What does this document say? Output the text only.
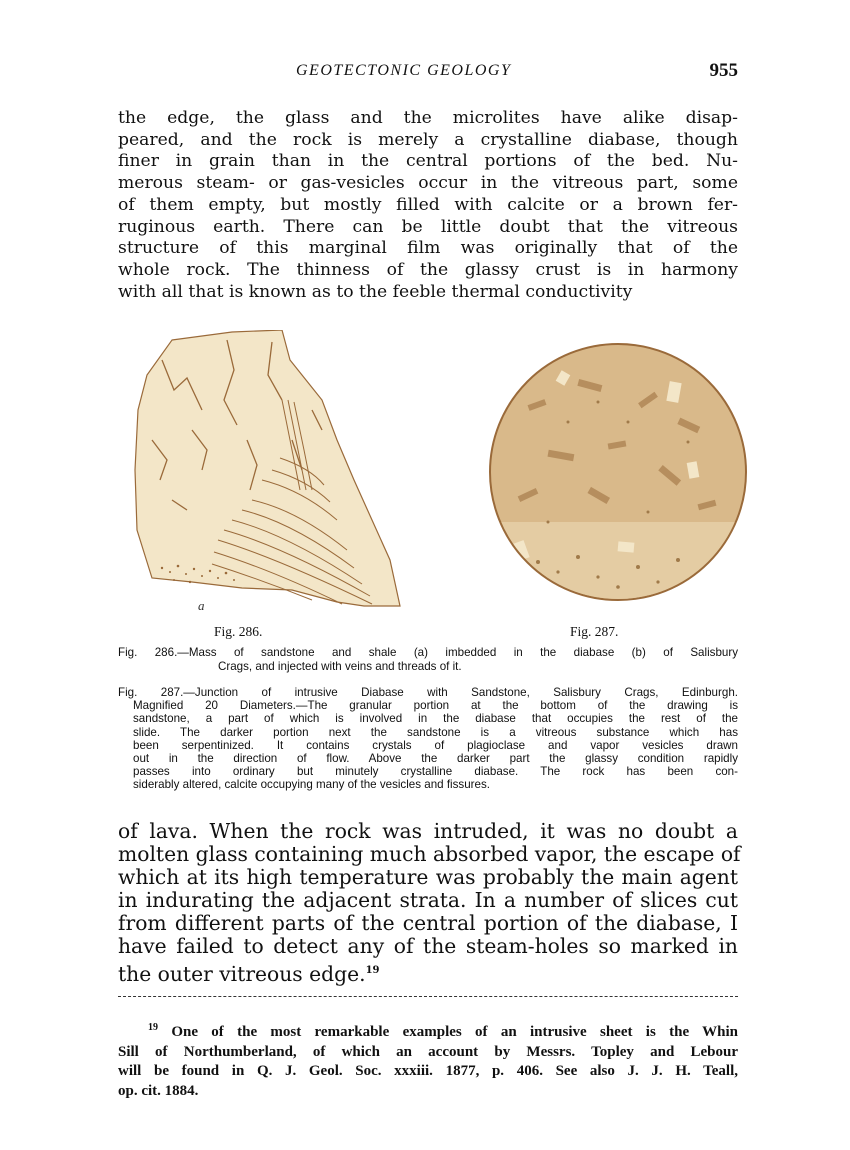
GEOTECTONIC GEOLOGY	955
the edge, the glass and the microlites have alike disap-
peared, and the rock is merely a crystalline diabase, though
finer in grain than in the central portions of the bed. Nu-
merous steam- or gas-vesicles occur in the vitreous part, some
of them empty, but mostly filled with calcite or a brown fer-
ruginous earth. There can be little doubt that the vitreous
structure of this marginal film was originally that of the
whole rock. The thinness of the glassy crust is in harmony
with all that is known as to the feeble thermal conductivity
a
Fig. 286.	Fig. 287.
Fig. 286.—Mass of sandstone and shale (a) imbedded in the diabase (b) of Salisbury
Crags, and injected with veins and threads of it.
Fig. 287.—Junction of intrusive Diabase with Sandstone, Salisbury Crags, Edinburgh.
Magnified 20 Diameters.—The granular portion at the bottom of the drawing is
sandstone, a part of which is involved in the diabase that occupies the rest of the
slide. The darker portion next the sandstone is a vitreous substance which has
been serpentinized. It contains crystals of plagioclase and vapor vesicles drawn
out in the direction of flow. Above the darker part the glassy condition rapidly
passes into ordinary but minutely crystalline diabase. The rock has been con-
siderably altered, calcite occupying many of the vesicles and fissures.
of lava. When the rock was intruded, it was no doubt a
molten glass containing much absorbed vapor, the escape of
which at its high temperature was probably the main agent
in indurating the adjacent strata. In a number of slices cut
from different parts of the central portion of the diabase, I
have failed to detect any of the steam-holes so marked in
the outer vitreous edge.$^{19}$
$^{19}$ One of the most remarkable examples of an intrusive sheet is the Whin
Sill of Northumberland, of which an account by Messrs. Topley and Lebour
will be found in Q. J. Geol. Soc. xxxiii. 1877, p. 406. See also J. J. H. Teall,
op. cit. 1884.
